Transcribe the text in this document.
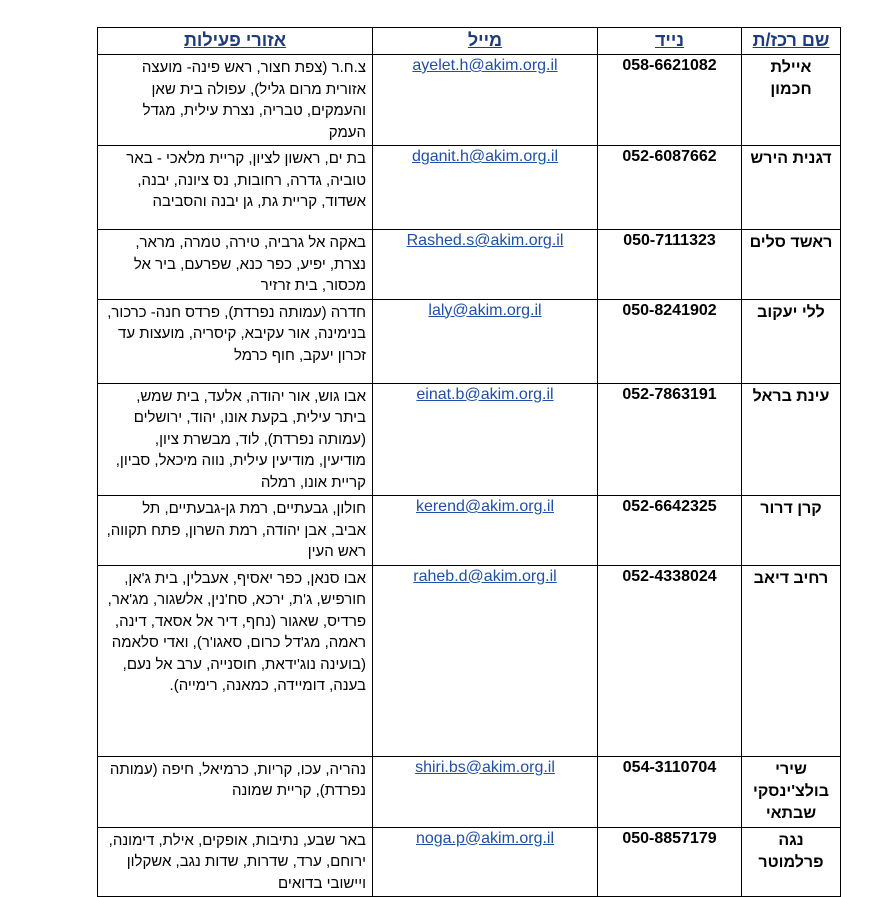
שם רכז/ת	נייד	מייל	אזורי פעילות
איילת חכמון	058-6621082	ayelet.h@akim.org.il	צ.ח.ר (צפת חצור, ראש פינה- מועצה אזורית מרום גליל), עפולה בית שאן והעמקים, טבריה, נצרת עילית, מגדל העמק
דגנית הירש	052-6087662	dganit.h@akim.org.il	בת ים, ראשון לציון, קריית מלאכי - באר טוביה, גדרה, רחובות, נס ציונה, יבנה, אשדוד, קריית גת, גן יבנה והסביבה
ראשד סלים	050-7111323	Rashed.s@akim.org.il	באקה אל גרביה, טירה, טמרה, מראר, נצרת, יפיע, כפר כנא, שפרעם, ביר אל מכסור, בית זרזיר
ללי יעקוב	050-8241902	laly@akim.org.il	חדרה (עמותה נפרדת), פרדס חנה- כרכור, בנימינה, אור עקיבא, קיסריה, מועצות עד זכרון יעקב, חוף כרמל
עינת בראל	052-7863191	einat.b@akim.org.il	אבו גוש, אור יהודה, אלעד, בית שמש, ביתר עילית, בקעת אונו, יהוד, ירושלים (עמותה נפרדת), לוד, מבשרת ציון, מודיעין, מודיעין עילית, נווה מיכאל, סביון, קריית אונו, רמלה
קרן דרור	052-6642325	kerend@akim.org.il	חולון, גבעתיים, רמת גן-גבעתיים, תל אביב, אבן יהודה, רמת השרון, פתח תקווה, ראש העין
רחיב דיאב	052-4338024	raheb.d@akim.org.il	אבו סנאן, כפר יאסיף, אעבלין, בית ג'אן, חורפיש, ג'ת, ירכא, סח'נין, אלשגור, מג'אר, פרדיס, שאגור (נחף, דיר אל אסאד, דינה, ראמה, מג'דל כרום, סאגו'ר), ואדי סלאמה (בועינה נוג'ידאת, חוסנייה, ערב אל נעם, בענה, דומיידה, כמאנה, רימייה).
שירי בולצ'ינסקי שבתאי	054-3110704	shiri.bs@akim.org.il	נהריה, עכו, קריות, כרמיאל, חיפה (עמותה נפרדת), קריית שמונה
נגה פרלמוטר	050-8857179	noga.p@akim.org.il	באר שבע, נתיבות, אופקים, אילת, דימונה, ירוחם, ערד, שדרות, שדות נגב, אשקלון ויישובי בדואים
